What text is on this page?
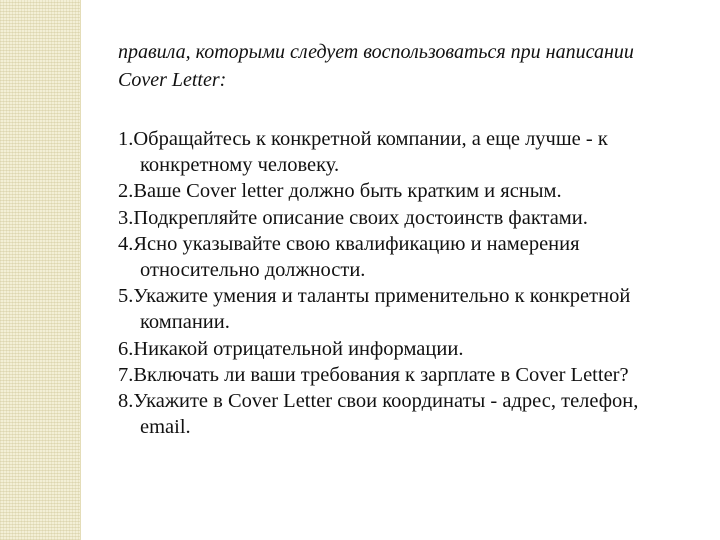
правила, которыми следует воспользоваться при написании Cover Letter:
1.Обращайтесь к конкретной компании, а еще лучше - к конкретному человеку.
2.Ваше Cover letter должно быть кратким и ясным.
3.Подкрепляйте описание своих достоинств фактами.
4.Ясно указывайте свою квалификацию и намерения относительно должности.
5.Укажите умения и таланты применительно к конкретной компании.
6.Никакой отрицательной информации.
7.Включать ли ваши требования к зарплате в Cover Letter?
8.Укажите в Cover Letter свои координаты - адрес, телефон, email.
